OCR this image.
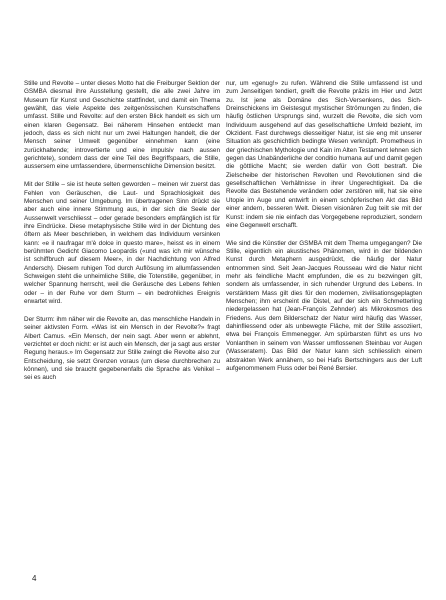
Stille und Revolte – unter dieses Motto hat die Freiburger Sektion der GSMBA diesmal ihre Ausstellung gestellt, die alle zwei Jahre im Museum für Kunst und Geschichte stattfindet, und damit ein Thema gewählt, das viele Aspekte des zeitgenössischen Kunstschaffens umfasst. Stille und Revolte: auf den ersten Blick handelt es sich um einen klaren Gegensatz. Bei näherem Hinsehen entdeckt man jedoch, dass es sich nicht nur um zwei Haltungen handelt, die der Mensch seiner Umwelt gegenüber einnehmen kann (eine zurückhaltende; introvertierte und eine impulsiv nach aussen gerichtete), sondern dass der eine Teil des Begriffspaars, die Stille, aussersem eine umfassendere, übermenschliche Dimension besitzt.

Mit der Stille – sie ist heute selten geworden – meinen wir zuerst das Fehlen von Geräuschen, die Laut- und Sprachlosigkeit des Menschen und seiner Umgebung. Im übertragenen Sinn drückt sie aber auch eine innere Stimmung aus, in der sich die Seele der Aussenwelt verschliesst – oder gerade besonders empfänglich ist für ihre Eindrücke. Diese metaphysische Stille wird in der Dichtung des öftern als Meer beschrieben, in welchem das Individuum versinken kann: «e il naufragar m'è dolce in questo mare», heisst es in einem berühmten Gedicht Giacomo Leopardis («und was ich mir wünsche ist schiffbruch auf diesem Meer», in der Nachdichtung von Alfred Andersch). Diesem ruhigen Tod durch Auflösung im allumfassenden Schweigen steht die unheimliche Stille, die Totenstille, gegenüber, in welcher Spannung herrscht, weil die Geräusche des Lebens fehlen oder – in der Ruhe vor dem Sturm – ein bedrohliches Ereignis erwartet wird.

Der Sturm: ihm näher wir die Revolte an, das menschliche Handeln in seiner aktivsten Form. «Was ist ein Mensch in der Revolte?» fragt Albert Camus. «Ein Mensch, der nein sagt. Aber wenn er ablehnt, verzichtet er doch nicht: er ist auch ein Mensch, der ja sagt aus erster Regung heraus.» Im Gegensatz zur Stille zwingt die Revolte also zur Entscheidung, sie setzt Grenzen voraus (um diese durchbrechen zu können), und sie braucht gegebenenfalls die Sprache als Vehikel – sei es auch

nur, um «genug!» zu rufen. Während die Stille umfassend ist und zum Jenseitigen tendiert, greift die Revolte präzis im Hier und Jetzt zu. Ist jene als Domäne des Sich-Versenkens, des Sich-Dreinschickens im Geistesgut mystischer Strömungen zu finden, die häufig östlichen Ursprungs sind, wurzelt die Revolte, die sich vom Individuum ausgehend auf das gesellschaftliche Umfeld bezieht, im Okzident. Fast durchwegs diesseitiger Natur, ist sie eng mit unserer Situation als geschichtlich bedingte Wesen verknüpft. Prometheus in der griechischen Mythologie und Kain im Alten Testament lehnen sich gegen das Unabänderliche der conditio humana auf und damit gegen die göttliche Macht; sie werden dafür von Gott bestraft. Die Zielscheibe der historischen Revolten und Revolutionen sind die gesellschaftlichen Verhältnisse in ihrer Ungerechtigkeit. Da die Revolte das Bestehende verändern oder zerstören will, hat sie eine Utopie im Auge und entwirft in einem schöpferischen Akt das Bild einer andern, besseren Welt. Diesen visionären Zug teilt sie mit der Kunst: indem sie nie einfach das Vorgegebene reproduziert, sondern eine Gegenwelt erschafft.

Wie sind die Künstler der GSMBA mit dem Thema umgegangen? Die Stille, eigentlich ein akustisches Phänomen, wird in der bildenden Kunst durch Metaphern ausgedrückt, die häufig der Natur entnommen sind. Seit Jean-Jacques Rousseau wird die Natur nicht mehr als feindliche Macht empfunden, die es zu bezwingen gilt, sondern als umfassender, in sich ruhender Urgrund des Lebens. In verstärktem Mass gilt dies für den modernen, zivilisationsgeplagten Menschen; ihm erscheint die Distel, auf der sich ein Schmetterling niedergelassen hat (Jean-François Zehnder) als Mikrokosmos des Friedens. Aus dem Bilderschatz der Natur wird häufig das Wasser, dahinfliessend oder als unbewegte Fläche, mit der Stille assoziiert, etwa bei François Emmenegger. Am spürbarsten führt es uns Ivo Vonlanthen in seinem von Wasser umflossenen Steinbau vor Augen (Wasseratem). Das Bild der Natur kann sich schliesslich einem abstrakten Werk annähern, so bei Hafis Bertschingers aus der Luft aufgenommenem Fluss oder bei René Bersier.

4
